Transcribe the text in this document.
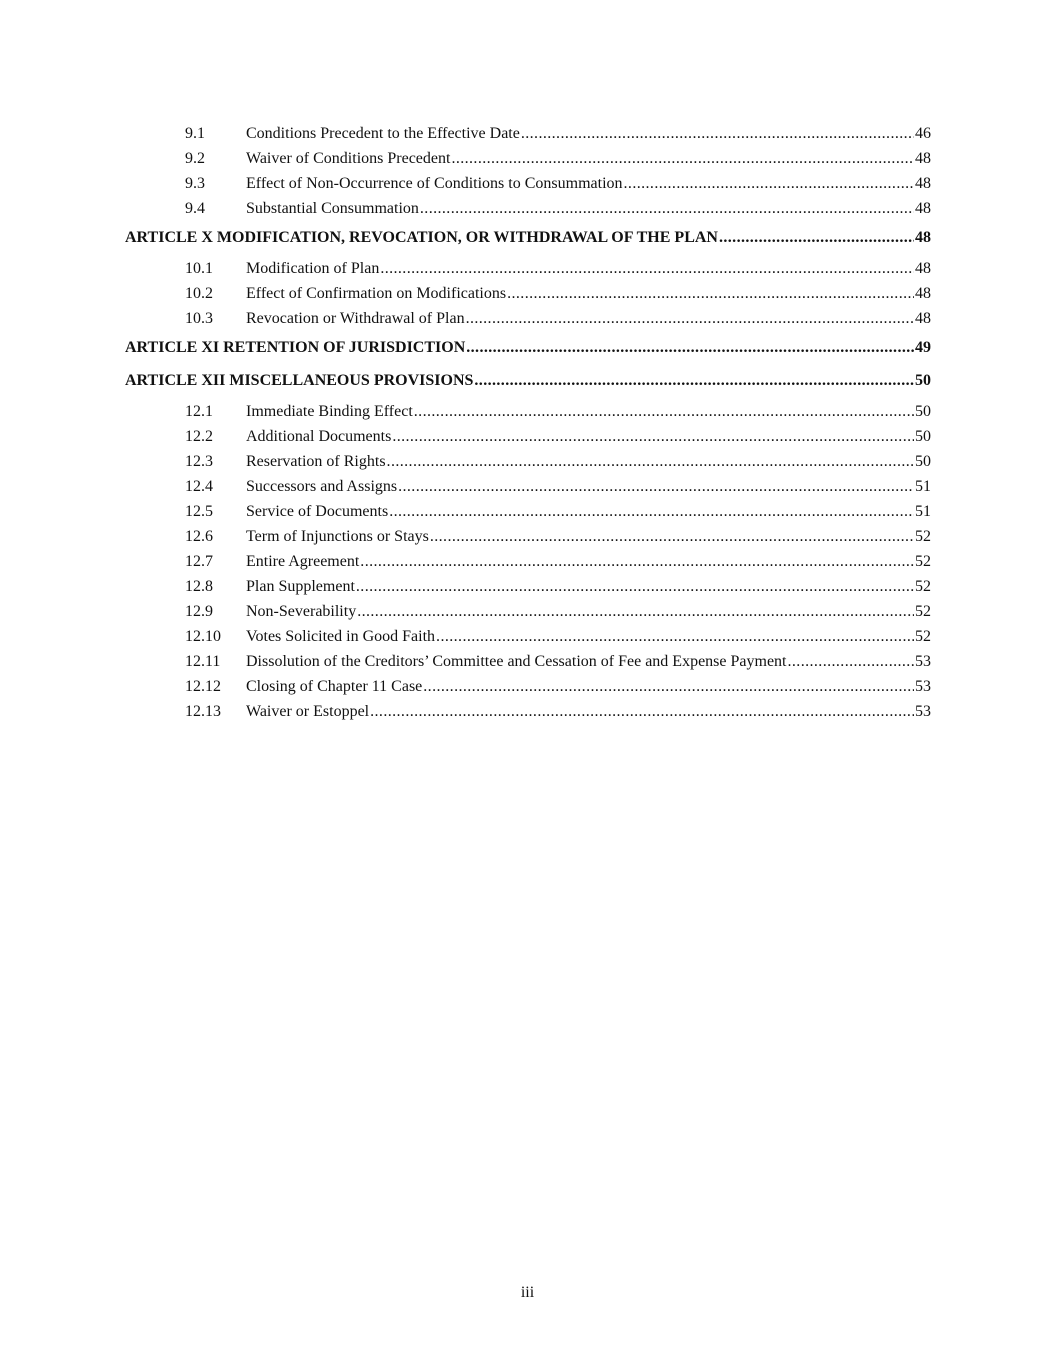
9.1	Conditions Precedent to the Effective Date .....	46
9.2	Waiver of Conditions Precedent .....	48
9.3	Effect of Non-Occurrence of Conditions to Consummation .....	48
9.4	Substantial Consummation .....	48
ARTICLE X MODIFICATION, REVOCATION, OR WITHDRAWAL OF THE PLAN .....	48
10.1	Modification of Plan .....	48
10.2	Effect of Confirmation on Modifications .....	48
10.3	Revocation or Withdrawal of Plan .....	48
ARTICLE XI RETENTION OF JURISDICTION .....	49
ARTICLE XII MISCELLANEOUS PROVISIONS .....	50
12.1	Immediate Binding Effect .....	50
12.2	Additional Documents .....	50
12.3	Reservation of Rights .....	50
12.4	Successors and Assigns .....	51
12.5	Service of Documents .....	51
12.6	Term of Injunctions or Stays .....	52
12.7	Entire Agreement .....	52
12.8	Plan Supplement .....	52
12.9	Non-Severability .....	52
12.10	Votes Solicited in Good Faith .....	52
12.11	Dissolution of the Creditors’ Committee and Cessation of Fee and Expense Payment .....	53
12.12	Closing of Chapter 11 Case .....	53
12.13	Waiver or Estoppel .....	53
iii
